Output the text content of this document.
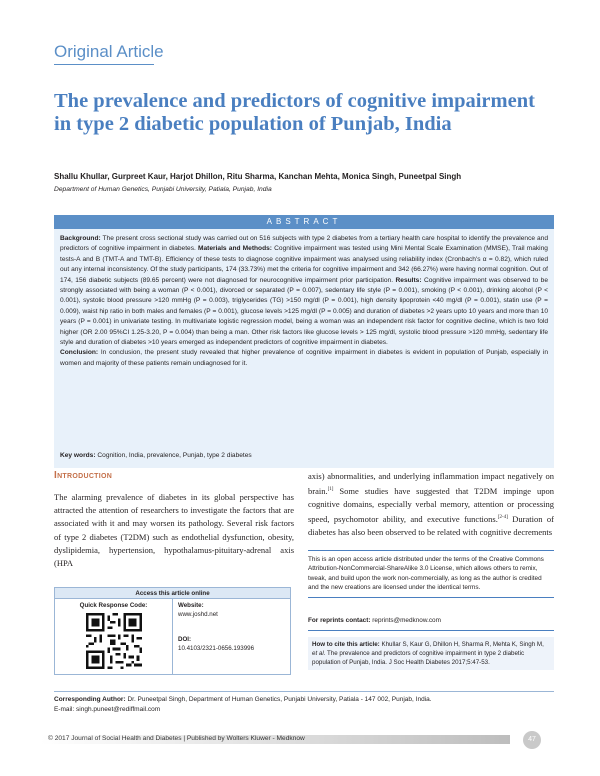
Original Article
The prevalence and predictors of cognitive impairment in type 2 diabetic population of Punjab, India
Shallu Khullar, Gurpreet Kaur, Harjot Dhillon, Ritu Sharma, Kanchan Mehta, Monica Singh, Puneetpal Singh
Department of Human Genetics, Punjabi University, Patiala, Punjab, India
ABSTRACT
Background: The present cross sectional study was carried out on 516 subjects with type 2 diabetes from a tertiary health care hospital to identify the prevalence and predictors of cognitive impairment in diabetes. Materials and Methods: Cognitive impairment was tested using Mini Mental Scale Examination (MMSE), Trail making tests-A and B (TMT-A and TMT-B). Efficiency of these tests to diagnose cognitive impairment was analysed using reliability index (Cronbach's α = 0.82), which ruled out any internal inconsistency. Of the study participants, 174 (33.73%) met the criteria for cognitive impairment and 342 (66.27%) were having normal cognition. Out of 174, 156 diabetic subjects (89.65 percent) were not diagnosed for neurocognitive impairment prior participation. Results: Cognitive impairment was observed to be strongly associated with being a woman (P < 0.001), divorced or separated (P = 0.007), sedentary life style (P = 0.001), smoking (P < 0.001), drinking alcohol (P < 0.001), systolic blood pressure >120 mmHg (P = 0.003), triglycerides (TG) >150 mg/dl (P = 0.001), high density lipoprotein <40 mg/dl (P = 0.001), statin use (P = 0.009), waist hip ratio in both males and females (P = 0.001), glucose levels >125 mg/dl (P = 0.005) and duration of diabetes >2 years upto 10 years and more than 10 years (P = 0.001) in univariate testing. In multivariate logistic regression model, being a woman was an independent risk factor for cognitive decline, which is two fold higher (OR 2.00 95%CI 1.25-3.20, P = 0.004) than being a man. Other risk factors like glucose levels > 125 mg/dl, systolic blood pressure >120 mmHg, sedentary life style and duration of diabetes >10 years emerged as independent predictors of cognitive impairment in diabetes.
Conclusion: In conclusion, the present study revealed that higher prevalence of cognitive impairment in diabetes is evident in population of Punjab, especially in women and majority of these patients remain undiagnosed for it.
Key words: Cognition, India, prevalence, Punjab, type 2 diabetes
Introduction

The alarming prevalence of diabetes in its global perspective has attracted the attention of researchers to investigate the factors that are associated with it and may worsen its pathology. Several risk factors of type 2 diabetes (T2DM) such as endothelial dysfunction, obesity, dyslipidemia, hypertension, hypothalamus-pituitary-adrenal axis (HPA

axis) abnormalities, and underlying inflammation impact negatively on brain.[1] Some studies have suggested that T2DM impinge upon cognitive domains, especially verbal memory, attention or processing speed, psychomotor ability, and executive functions.[2-4] Duration of diabetes has also been observed to be related with cognitive decrements

This is an open access article distributed under the terms of the Creative Commons Attribution-NonCommercial-ShareAlike 3.0 License, which allows others to remix, tweak, and build upon the work non-commercially, as long as the author is credited and the new creations are licensed under the identical terms.
For reprints contact: reprints@medknow.com
How to cite this article: Khullar S, Kaur G, Dhillon H, Sharma R, Mehta K, Singh M, et al. The prevalence and predictors of cognitive impairment in type 2 diabetic population of Punjab, India. J Soc Health Diabetes 2017;5:47-53.
Access this article online
Quick Response Code:	Website:
www.joshd.net

DOI:
10.4103/2321-0656.193996
Corresponding Author: Dr. Puneetpal Singh, Department of Human Genetics, Punjabi University, Patiala - 147 002, Punjab, India.
E-mail: singh.puneet@rediffmail.com
© 2017 Journal of Social Health and Diabetes | Published by Wolters Kluwer - Medknow	47
